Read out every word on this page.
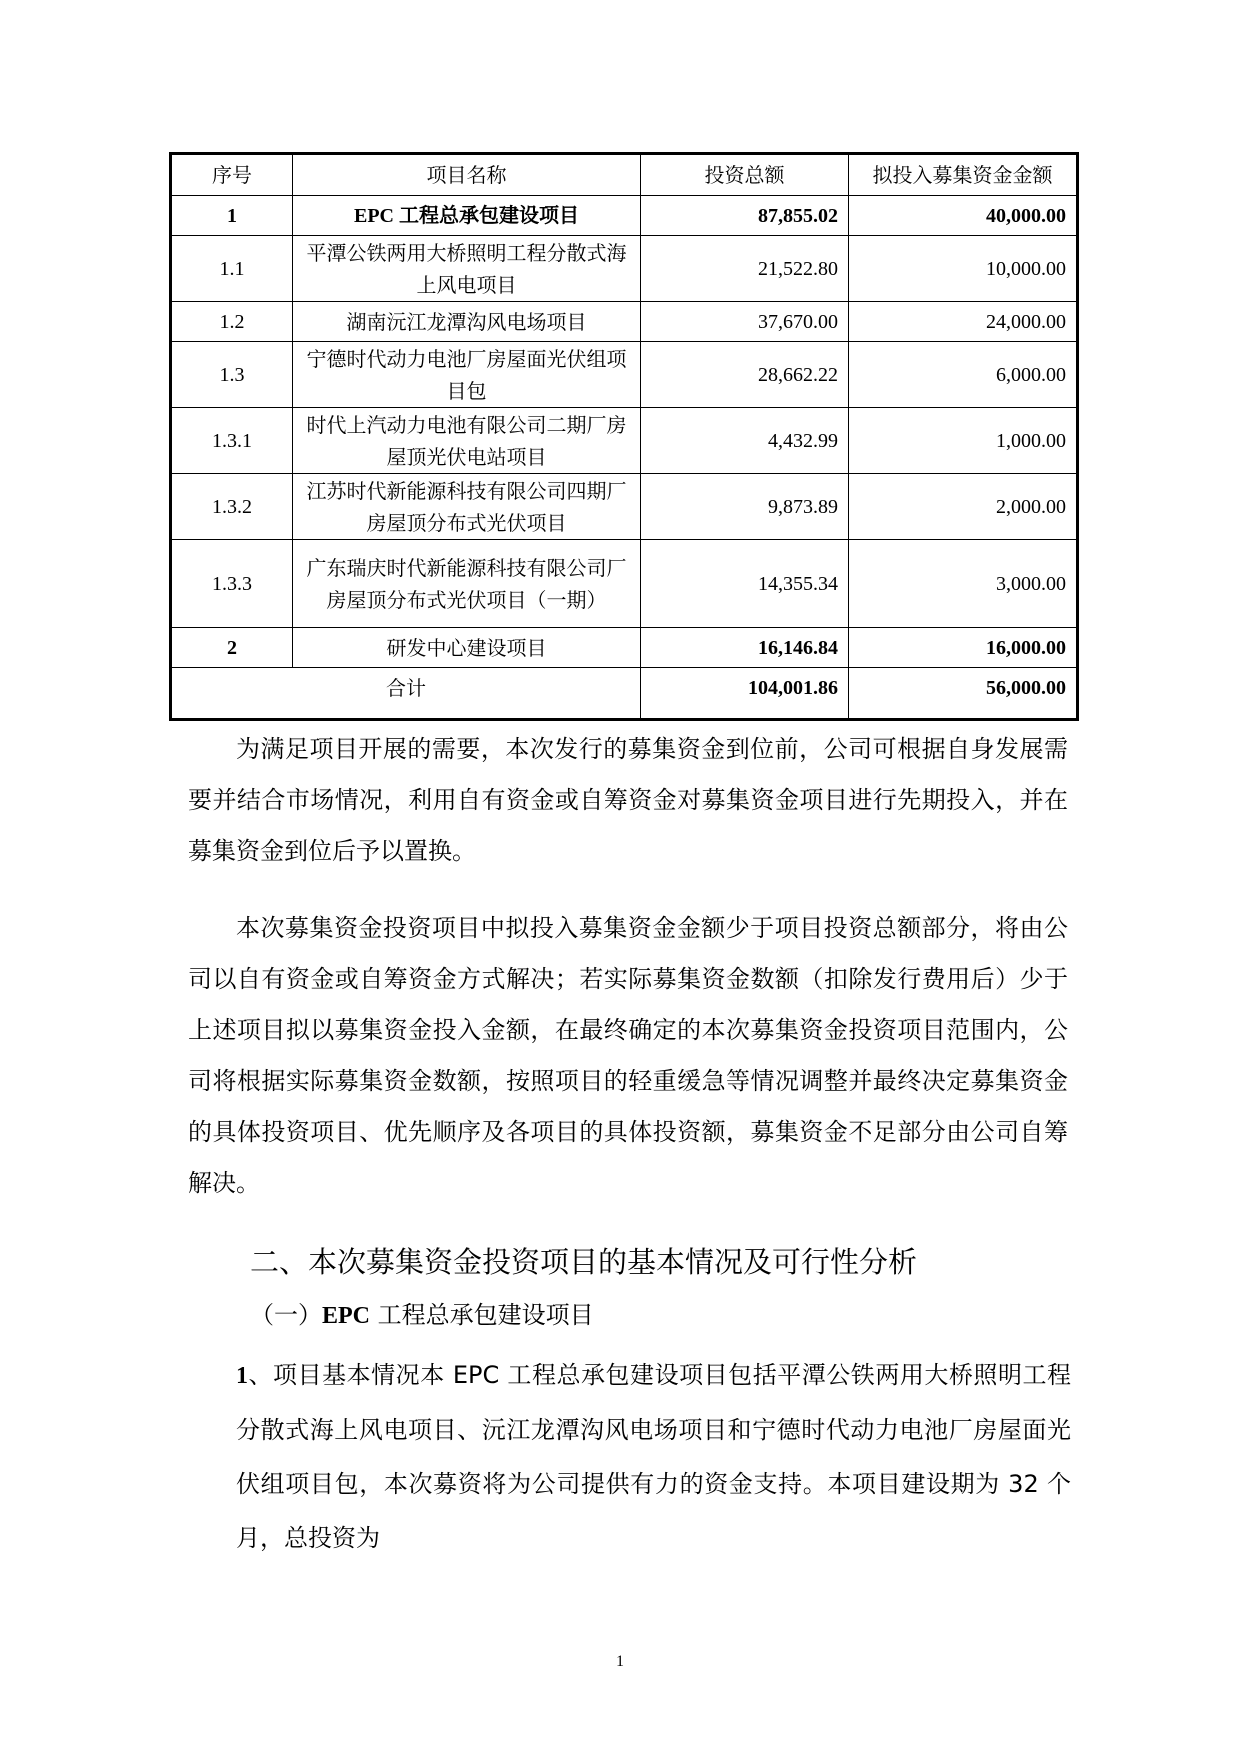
序号	项目名称	投资总额	拟投入募集资金金额
1	EPC 工程总承包建设项目	87,855.02	40,000.00
1.1	平潭公铁两用大桥照明工程分散式海上风电项目	21,522.80	10,000.00
1.2	湖南沅江龙潭沟风电场项目	37,670.00	24,000.00
1.3	宁德时代动力电池厂房屋面光伏组项目包	28,662.22	6,000.00
1.3.1	时代上汽动力电池有限公司二期厂房屋顶光伏电站项目	4,432.99	1,000.00
1.3.2	江苏时代新能源科技有限公司四期厂房屋顶分布式光伏项目	9,873.89	2,000.00
1.3.3	广东瑞庆时代新能源科技有限公司厂房屋顶分布式光伏项目（一期）	14,355.34	3,000.00
2	研发中心建设项目	16,146.84	16,000.00
合计		104,001.86	56,000.00

为满足项目开展的需要，本次发行的募集资金到位前，公司可根据自身发展需要并结合市场情况，利用自有资金或自筹资金对募集资金项目进行先期投入，并在募集资金到位后予以置换。

本次募集资金投资项目中拟投入募集资金金额少于项目投资总额部分，将由公司以自有资金或自筹资金方式解决；若实际募集资金数额（扣除发行费用后）少于上述项目拟以募集资金投入金额，在最终确定的本次募集资金投资项目范围内，公司将根据实际募集资金数额，按照项目的轻重缓急等情况调整并最终决定募集资金的具体投资项目、优先顺序及各项目的具体投资额，募集资金不足部分由公司自筹解决。

二、本次募集资金投资项目的基本情况及可行性分析
（一）EPC 工程总承包建设项目

1、项目基本情况本 EPC 工程总承包建设项目包括平潭公铁两用大桥照明工程分散式海上风电项目、沅江龙潭沟风电场项目和宁德时代动力电池厂房屋面光伏组项目包，本次募资将为公司提供有力的资金支持。本项目建设期为 32 个月，总投资为

1
